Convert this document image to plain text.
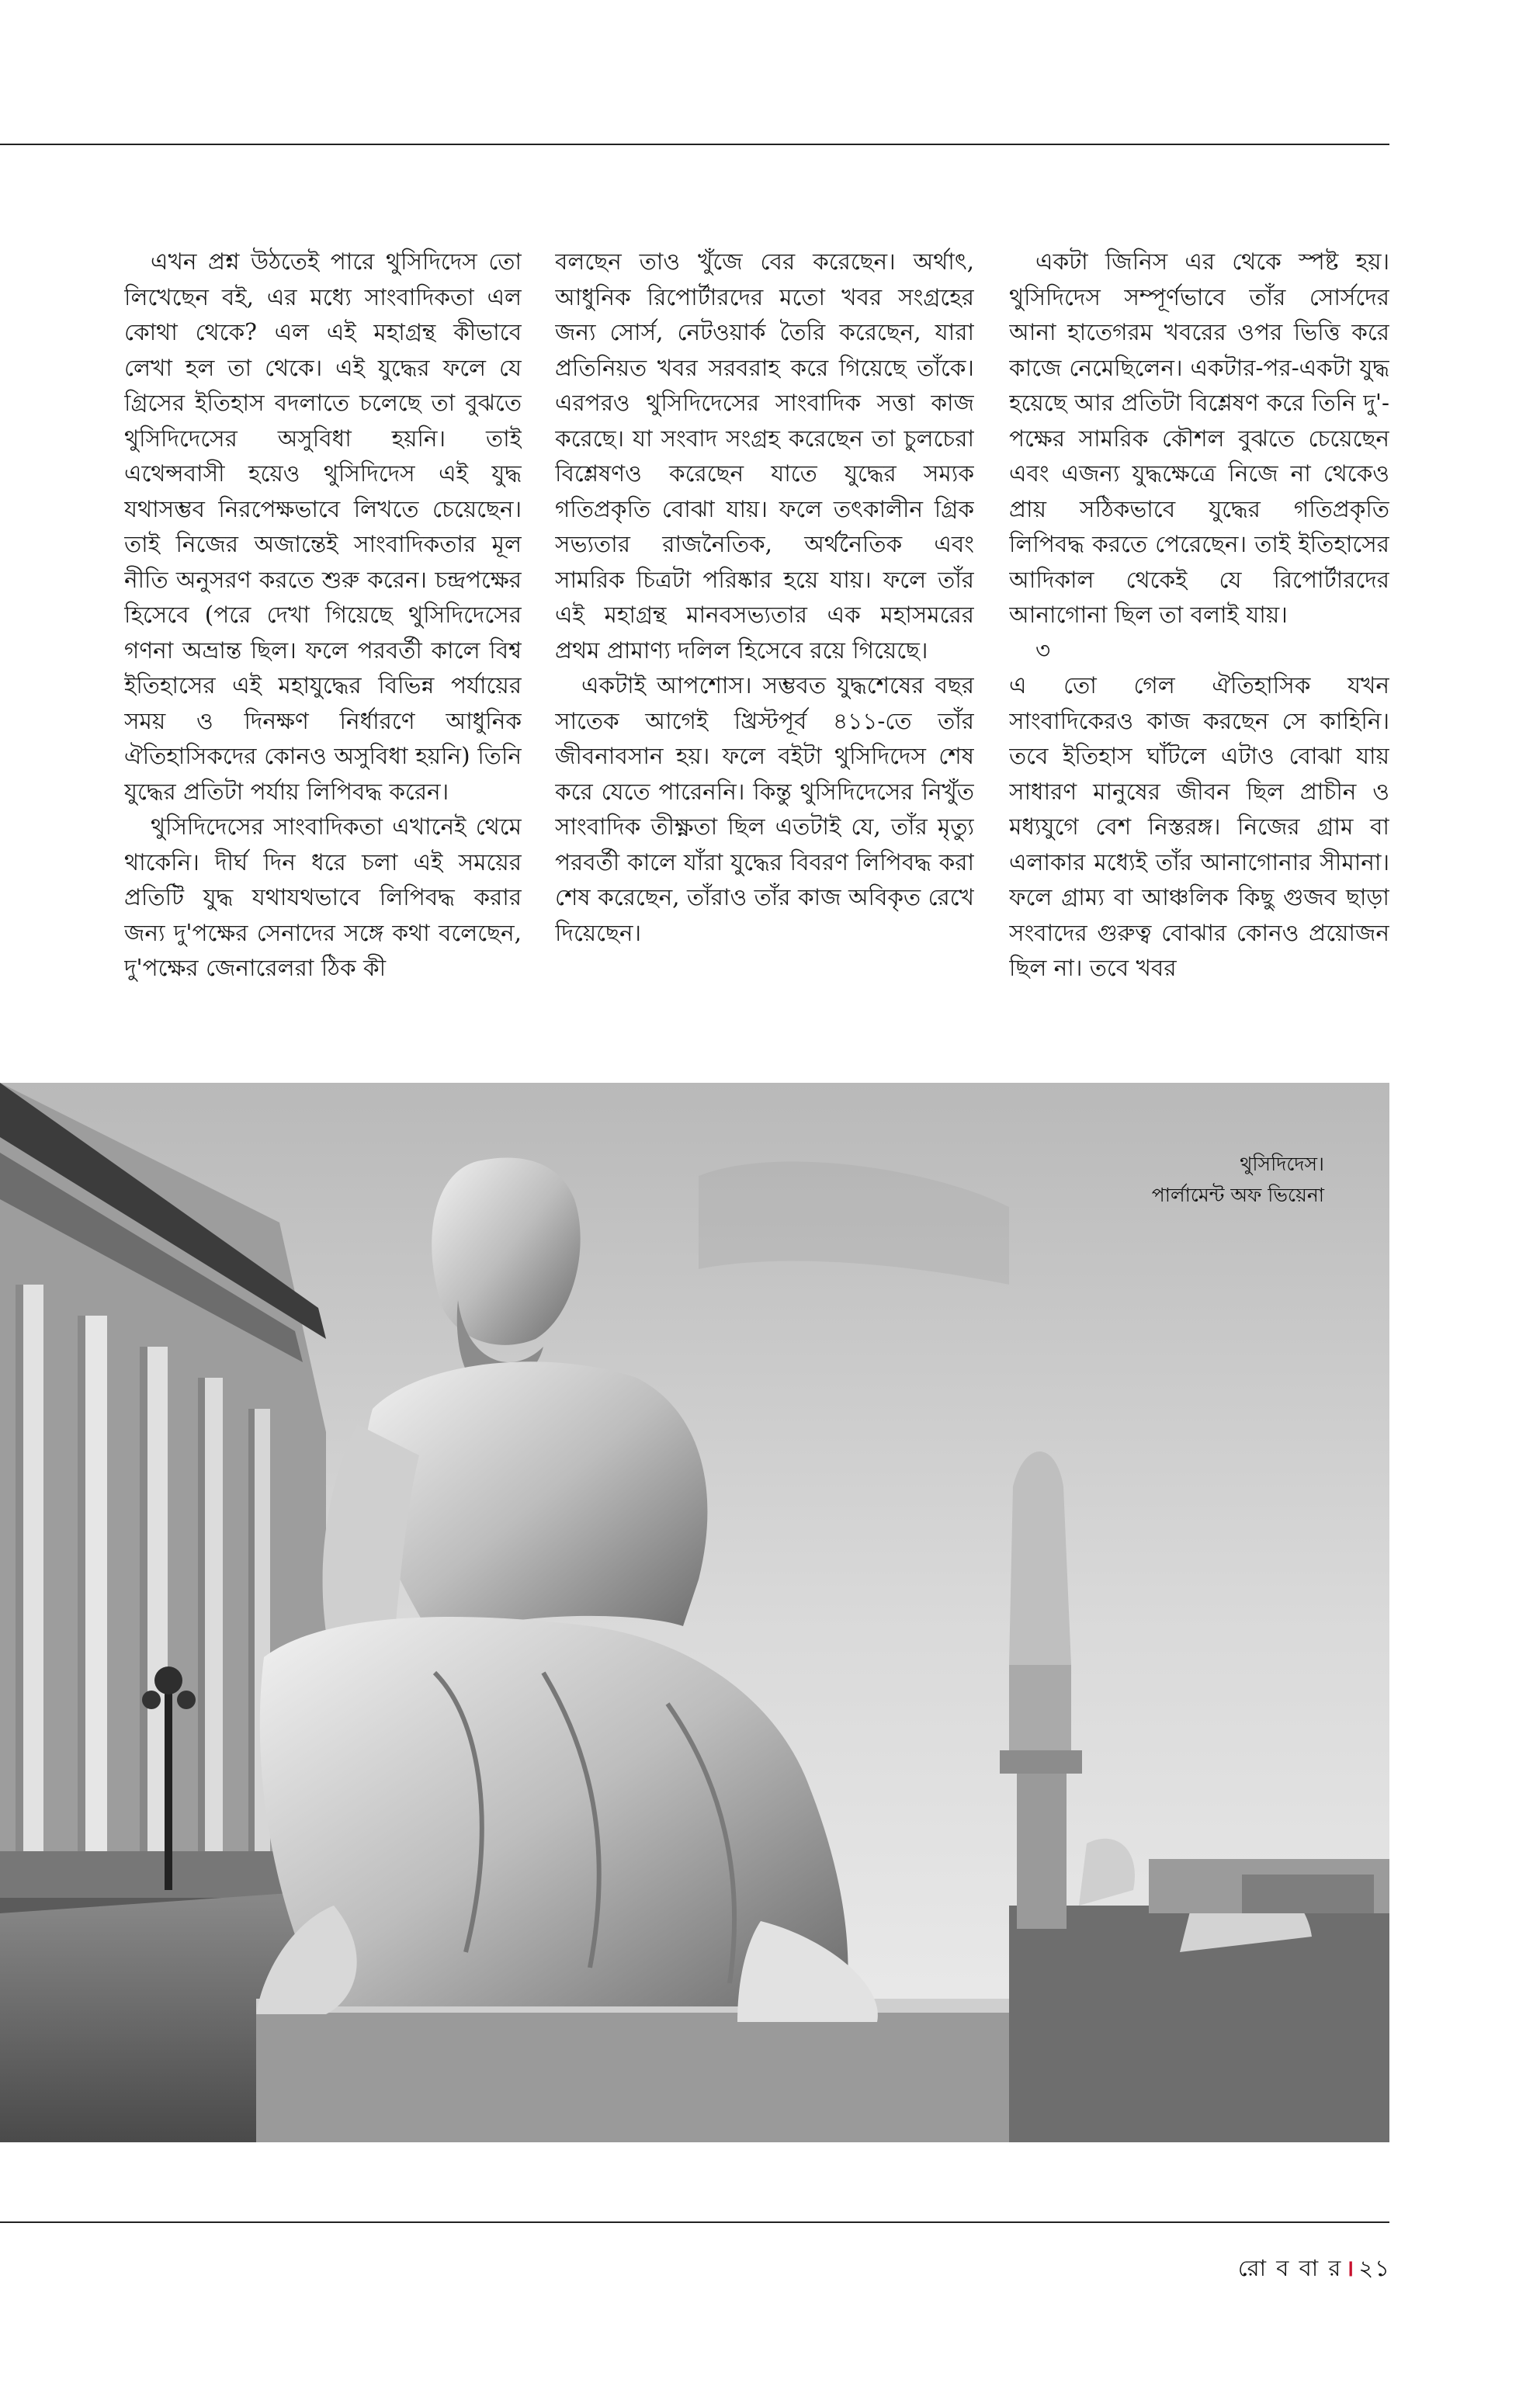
এখন প্রশ্ন উঠতেই পারে থুসিদিদেস তো লিখেছেন বই, এর মধ্যে সাংবাদিকতা এল কোথা থেকে? এল এই মহাগ্রন্থ কীভাবে লেখা হল তা থেকে। এই যুদ্ধের ফলে যে গ্রিসের ইতিহাস বদলাতে চলেছে তা বুঝতে থুসিদিদেসের অসুবিধা হয়নি। তাই এথেন্সবাসী হয়েও থুসিদিদেস এই যুদ্ধ যথাসম্ভব নিরপেক্ষভাবে লিখতে চেয়েছেন। তাই নিজের অজান্তেই সাংবাদিকতার মূল নীতি অনুসরণ করতে শুরু করেন। চন্দ্রপক্ষের হিসেবে (পরে দেখা গিয়েছে থুসিদিদেসের গণনা অভ্রান্ত ছিল। ফলে পরবর্তী কালে বিশ্ব ইতিহাসের এই মহাযুদ্ধের বিভিন্ন পর্যায়ের সময় ও দিনক্ষণ নির্ধারণে আধুনিক ঐতিহাসিকদের কোনও অসুবিধা হয়নি) তিনি যুদ্ধের প্রতিটা পর্যায় লিপিবদ্ধ করেন।

থুসিদিদেসের সাংবাদিকতা এখানেই থেমে থাকেনি। দীর্ঘ দিন ধরে চলা এই সময়ের প্রতিটি যুদ্ধ যথাযথভাবে লিপিবদ্ধ করার জন্য দু'পক্ষের সেনাদের সঙ্গে কথা বলেছেন, দু'পক্ষের জেনারেলরা ঠিক কী

বলছেন তাও খুঁজে বের করেছেন। অর্থাৎ, আধুনিক রিপোর্টারদের মতো খবর সংগ্রহের জন্য সোর্স, নেটওয়ার্ক তৈরি করেছেন, যারা প্রতিনিয়ত খবর সরবরাহ করে গিয়েছে তাঁকে। এরপরও থুসিদিদেসের সাংবাদিক সত্তা কাজ করেছে। যা সংবাদ সংগ্রহ করেছেন তা চুলচেরা বিশ্লেষণও করেছেন যাতে যুদ্ধের সম্যক গতিপ্রকৃতি বোঝা যায়। ফলে তৎকালীন গ্রিক সভ্যতার রাজনৈতিক, অর্থনৈতিক এবং সামরিক চিত্রটা পরিষ্কার হয়ে যায়। ফলে তাঁর এই মহাগ্রন্থ মানবসভ্যতার এক মহাসমরের প্রথম প্রামাণ্য দলিল হিসেবে রয়ে গিয়েছে।

একটাই আপশোস। সম্ভবত যুদ্ধশেষের বছর সাতেক আগেই খ্রিস্টপূর্ব ৪১১-তে তাঁর জীবনাবসান হয়। ফলে বইটা থুসিদিদেস শেষ করে যেতে পারেননি। কিন্তু থুসিদিদেসের নিখুঁত সাংবাদিক তীক্ষ্ণতা ছিল এতটাই যে, তাঁর মৃত্যু পরবর্তী কালে যাঁরা যুদ্ধের বিবরণ লিপিবদ্ধ করা শেষ করেছেন, তাঁরাও তাঁর কাজ অবিকৃত রেখে দিয়েছেন।

একটা জিনিস এর থেকে স্পষ্ট হয়। থুসিদিদেস সম্পূর্ণভাবে তাঁর সোর্সদের আনা হাতেগরম খবরের ওপর ভিত্তি করে কাজে নেমেছিলেন। একটার-পর-একটা যুদ্ধ হয়েছে আর প্রতিটা বিশ্লেষণ করে তিনি দু'-পক্ষের সামরিক কৌশল বুঝতে চেয়েছেন এবং এজন্য যুদ্ধক্ষেত্রে নিজে না থেকেও প্রায় সঠিকভাবে যুদ্ধের গতিপ্রকৃতি লিপিবদ্ধ করতে পেরেছেন। তাই ইতিহাসের আদিকাল থেকেই যে রিপোর্টারদের আনাগোনা ছিল তা বলাই যায়।

৩

এ তো গেল ঐতিহাসিক যখন সাংবাদিকেরও কাজ করছেন সে কাহিনি। তবে ইতিহাস ঘাঁটলে এটাও বোঝা যায় সাধারণ মানুষের জীবন ছিল প্রাচীন ও মধ্যযুগে বেশ নিস্তরঙ্গ। নিজের গ্রাম বা এলাকার মধ্যেই তাঁর আনাগোনার সীমানা। ফলে গ্রাম্য বা আঞ্চলিক কিছু গুজব ছাড়া সংবাদের গুরুত্ব বোঝার কোনও প্রয়োজন ছিল না। তবে খবর

থুসিদিদেস।
পার্লামেন্ট অফ ভিয়েনা
রো ব বা র । ২১
